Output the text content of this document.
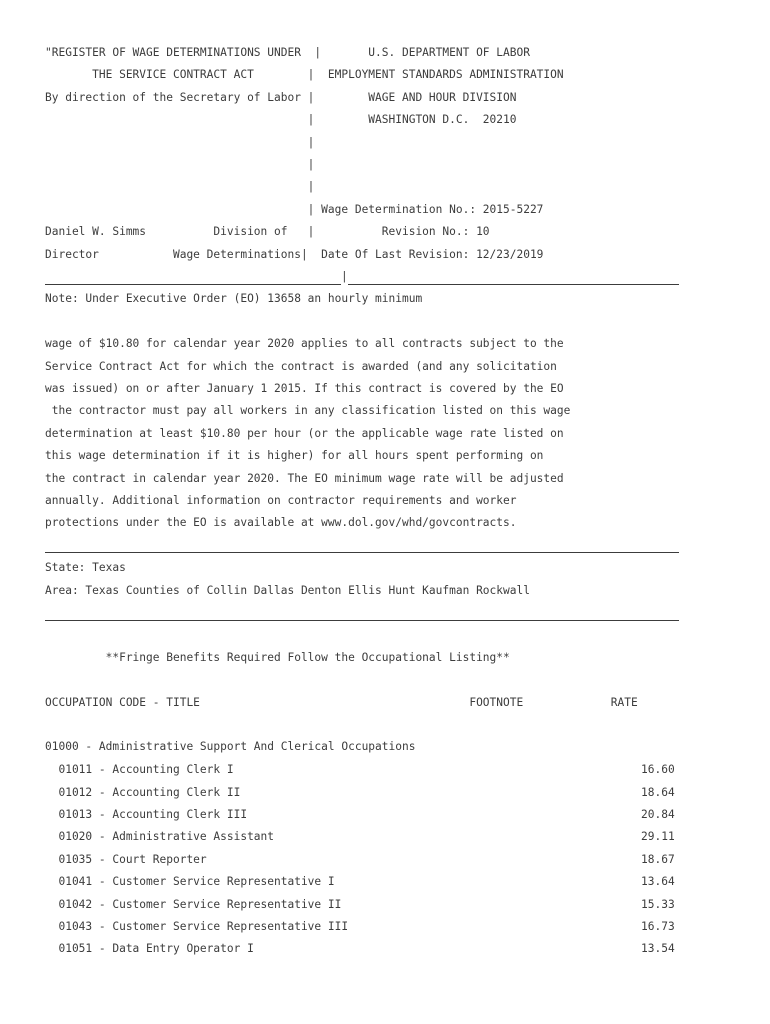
"REGISTER OF WAGE DETERMINATIONS UNDER  |       U.S. DEPARTMENT OF LABOR
THE SERVICE CONTRACT ACT        |  EMPLOYMENT STANDARDS ADMINISTRATION
By direction of the Secretary of Labor |        WAGE AND HOUR DIVISION
|        WASHINGTON D.C.  20210
|
|
|
| Wage Determination No.: 2015-5227
Daniel W. Simms          Division of   |          Revision No.: 10
Director           Wage Determinations|  Date Of Last Revision: 12/23/2019
|
Note: Under Executive Order (EO) 13658 an hourly minimum
wage of $10.80 for calendar year 2020 applies to all contracts subject to the
Service Contract Act for which the contract is awarded (and any solicitation
was issued) on or after January 1 2015. If this contract is covered by the EO
the contractor must pay all workers in any classification listed on this wage
determination at least $10.80 per hour (or the applicable wage rate listed on
this wage determination if it is higher) for all hours spent performing on
the contract in calendar year 2020. The EO minimum wage rate will be adjusted
annually. Additional information on contractor requirements and worker
protections under the EO is available at www.dol.gov/whd/govcontracts.
State: Texas
Area: Texas Counties of Collin Dallas Denton Ellis Hunt Kaufman Rockwall
**Fringe Benefits Required Follow the Occupational Listing**
OCCUPATION CODE - TITLE                                        FOOTNOTE             RATE
01000 - Administrative Support And Clerical Occupations
01011 - Accounting Clerk I	16.60
01012 - Accounting Clerk II	18.64
01013 - Accounting Clerk III	20.84
01020 - Administrative Assistant	29.11
01035 - Court Reporter	18.67
01041 - Customer Service Representative I	13.64
01042 - Customer Service Representative II	15.33
01043 - Customer Service Representative III	16.73
01051 - Data Entry Operator I	13.54
